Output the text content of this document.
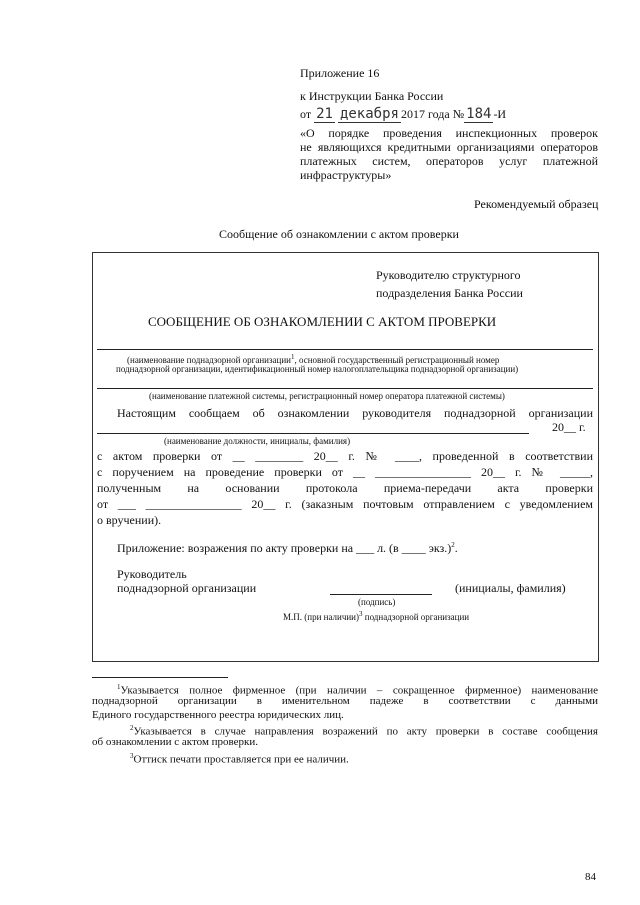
Приложение 16
к Инструкции Банка России
от 21 декабря 2017 года № 184 -И
«О порядке проведения инспекционных проверок
не являющихся кредитными организациями операторов
платежных систем, операторов услуг платежной
инфраструктуры»
Рекомендуемый образец
Сообщение об ознакомлении с актом проверки
Руководителю структурного
подразделения Банка России
СООБЩЕНИЕ ОБ ОЗНАКОМЛЕНИИ С АКТОМ ПРОВЕРКИ
(наименование поднадзорной организации$^1$, основной государственный регистрационный номер
поднадзорной организации, идентификационный номер налогоплательщика поднадзорной организации)
(наименование платежной системы, регистрационный номер оператора платежной системы)
Настоящим сообщаем об ознакомлении руководителя поднадзорной организации
20__ г.
(наименование должности, инициалы, фамилия)
с актом проверки от __ ________ 20__ г. № ____, проведенной в соответствии
с поручением на проведение проверки от __ ________________ 20__ г. № _____,
полученным на основании протокола приема-передачи акта проверки
от ___ ________________ 20__ г. (заказным почтовым отправлением с уведомлением
о вручении).
Приложение: возражения по акту проверки на ___ л. (в ____ экз.)$^2$.
Руководитель
поднадзорной организации	(инициалы, фамилия)
(подпись)
М.П. (при наличии)$^3$ поднадзорной организации
$^1$Указывается полное фирменное (при наличии – сокращенное фирменное) наименование
поднадзорной организации в именительном падеже в соответствии с данными
Единого государственного реестра юридических лиц.
$^2$Указывается в случае направления возражений по акту проверки в составе сообщения
об ознакомлении с актом проверки.
$^3$Оттиск печати проставляется при ее наличии.
84
